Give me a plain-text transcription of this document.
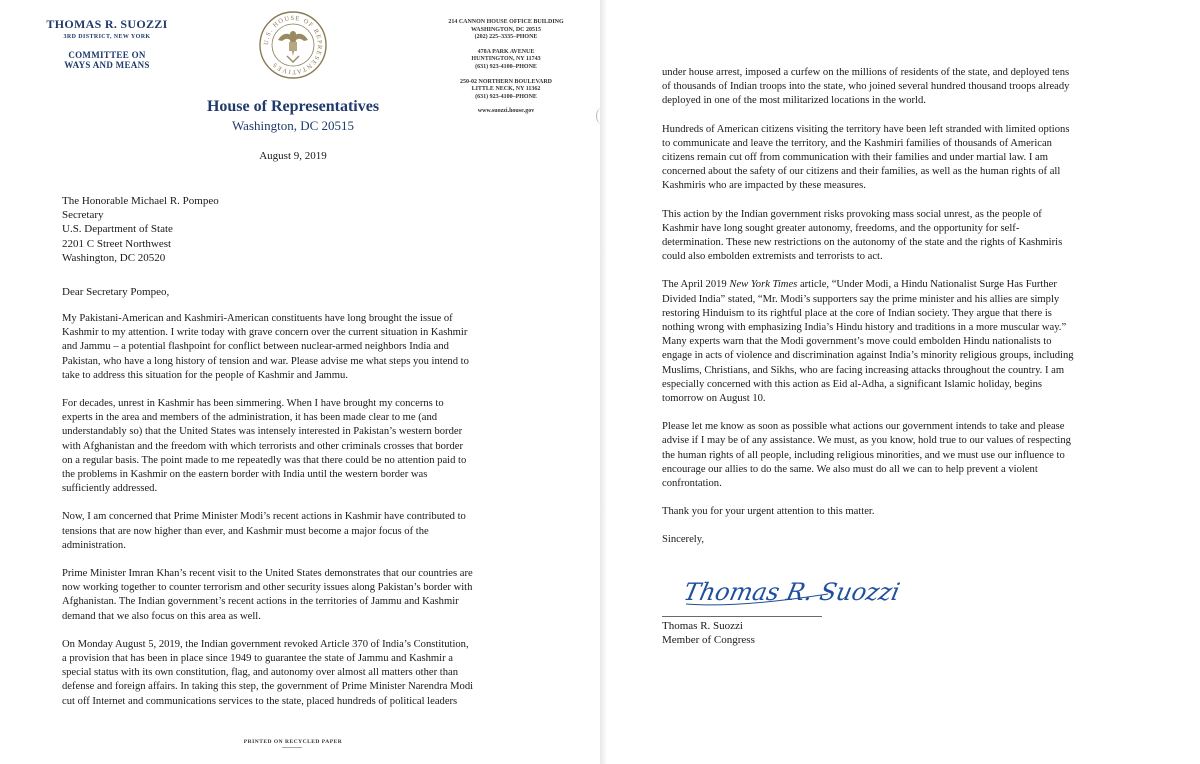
THOMAS R. SUOZZI
3RD DISTRICT, NEW YORK
COMMITTEE ON
WAYS AND MEANS
U.S. HOUSE OF REPRESENTATIVES
House of Representatives
Washington, DC 20515
214 CANNON HOUSE OFFICE BUILDING
WASHINGTON, DC 20515
(202) 225–3335–PHONE
478A PARK AVENUE
HUNTINGTON, NY 11743
(631) 923-4100–PHONE
250-02 NORTHERN BOULEVARD
LITTLE NECK, NY 11362
(631) 923-4100–PHONE
www.suozzi.house.gov
August 9, 2019
The Honorable Michael R. Pompeo
Secretary
U.S. Department of State
2201 C Street Northwest
Washington, DC 20520
Dear Secretary Pompeo,

My Pakistani-American and Kashmiri-American constituents have long brought the issue of
Kashmir to my attention. I write today with grave concern over the current situation in Kashmir
and Jammu – a potential flashpoint for conflict between nuclear-armed neighbors India and
Pakistan, who have a long history of tension and war. Please advise me what steps you intend to
take to address this situation for the people of Kashmir and Jammu.

For decades, unrest in Kashmir has been simmering. When I have brought my concerns to
experts in the area and members of the administration, it has been made clear to me (and
understandably so) that the United States was intensely interested in Pakistan’s western border
with Afghanistan and the freedom with which terrorists and other criminals crosses that border
on a regular basis. The point made to me repeatedly was that there could be no attention paid to
the problems in Kashmir on the eastern border with India until the western border was
sufficiently addressed.

Now, I am concerned that Prime Minister Modi’s recent actions in Kashmir have contributed to
tensions that are now higher than ever, and Kashmir must become a major focus of the
administration.

Prime Minister Imran Khan’s recent visit to the United States demonstrates that our countries are
now working together to counter terrorism and other security issues along Pakistan’s border with
Afghanistan. The Indian government’s recent actions in the territories of Jammu and Kashmir
demand that we also focus on this area as well.

On Monday August 5, 2019, the Indian government revoked Article 370 of India’s Constitution,
a provision that has been in place since 1949 to guarantee the state of Jammu and Kashmir a
special status with its own constitution, flag, and autonomy over almost all matters other than
defense and foreign affairs. In taking this step, the government of Prime Minister Narendra Modi
cut off Internet and communications services to the state, placed hundreds of political leaders

PRINTED ON RECYCLED PAPER

under house arrest, imposed a curfew on the millions of residents of the state, and deployed tens
of thousands of Indian troops into the state, who joined several hundred thousand troops already
deployed in one of the most militarized locations in the world.

Hundreds of American citizens visiting the territory have been left stranded with limited options
to communicate and leave the territory, and the Kashmiri families of thousands of American
citizens remain cut off from communication with their families and under martial law. I am
concerned about the safety of our citizens and their families, as well as the human rights of all
Kashmiris who are impacted by these measures.

This action by the Indian government risks provoking mass social unrest, as the people of
Kashmir have long sought greater autonomy, freedoms, and the opportunity for self-
determination. These new restrictions on the autonomy of the state and the rights of Kashmiris
could also embolden extremists and terrorists to act.

The April 2019 New York Times article, “Under Modi, a Hindu Nationalist Surge Has Further
Divided India” stated, “Mr. Modi’s supporters say the prime minister and his allies are simply
restoring Hinduism to its rightful place at the core of Indian society. They argue that there is
nothing wrong with emphasizing India’s Hindu history and traditions in a more muscular way.”
Many experts warn that the Modi government’s move could embolden Hindu nationalists to
engage in acts of violence and discrimination against India’s minority religious groups, including
Muslims, Christians, and Sikhs, who are facing increasing attacks throughout the country. I am
especially concerned with this action as Eid al-Adha, a significant Islamic holiday, begins
tomorrow on August 10.

Please let me know as soon as possible what actions our government intends to take and please
advise if I may be of any assistance. We must, as you know, hold true to our values of respecting
the human rights of all people, including religious minorities, and we must use our influence to
encourage our allies to do the same. We also must do all we can to help prevent a violent
confrontation.

Thank you for your urgent attention to this matter.

Sincerely,

Thomas R. Suozzi
Thomas R. Suozzi
Member of Congress
